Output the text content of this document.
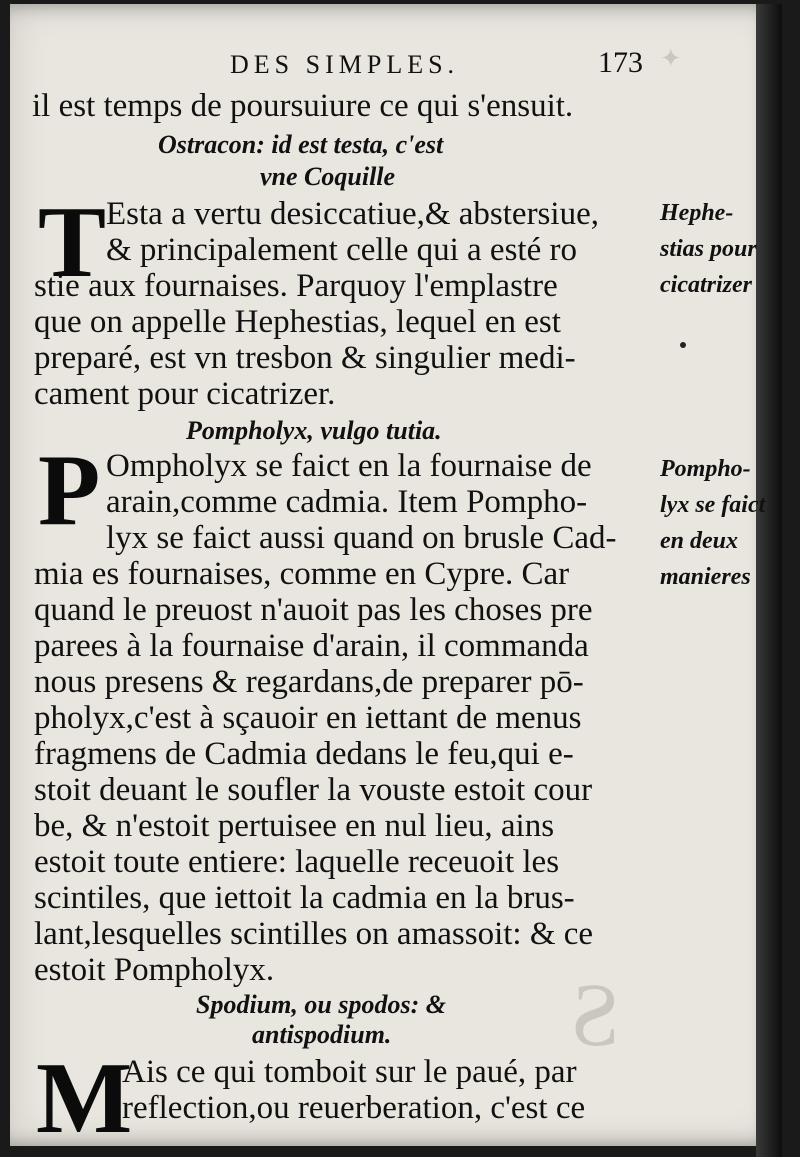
✦
S
DES SIMPLES.	173
il est temps de poursuiure ce qui s'ensuit.
Ostracon: id est testa, c'est
vne Coquille
T Esta a vertu desiccatiue,& abstersiue,
& principalement celle qui a esté ro
stie aux fournaises. Parquoy l'emplastre
que on appelle Hephestias, lequel en est
preparé, est vn tresbon & singulier medi-
cament pour cicatrizer.
Pompholyx, vulgo tutia.
P Ompholyx se faict en la fournaise de
arain,comme cadmia. Item Pompho-
lyx se faict aussi quand on brusle Cad-
mia es fournaises, comme en Cypre. Car
quand le preuost n'auoit pas les choses pre
parees à la fournaise d'arain, il commanda
nous presens & regardans,de preparer pō-
pholyx,c'est à sçauoir en iettant de menus
fragmens de Cadmia dedans le feu,qui e-
stoit deuant le soufler la vouste estoit cour
be, & n'estoit pertuisee en nul lieu, ains
estoit toute entiere: laquelle receuoit les
scintiles, que iettoit la cadmia en la brus-
lant,lesquelles scintilles on amassoit: & ce
estoit Pompholyx.
Spodium, ou spodos: &
antispodium.
M
Ais ce qui tomboit sur le paué, par
reflection,ou reuerberation, c'est ce
Hephe-
stias pour
cicatrizer
Pompho-
lyx se faict
en deux
manieres
